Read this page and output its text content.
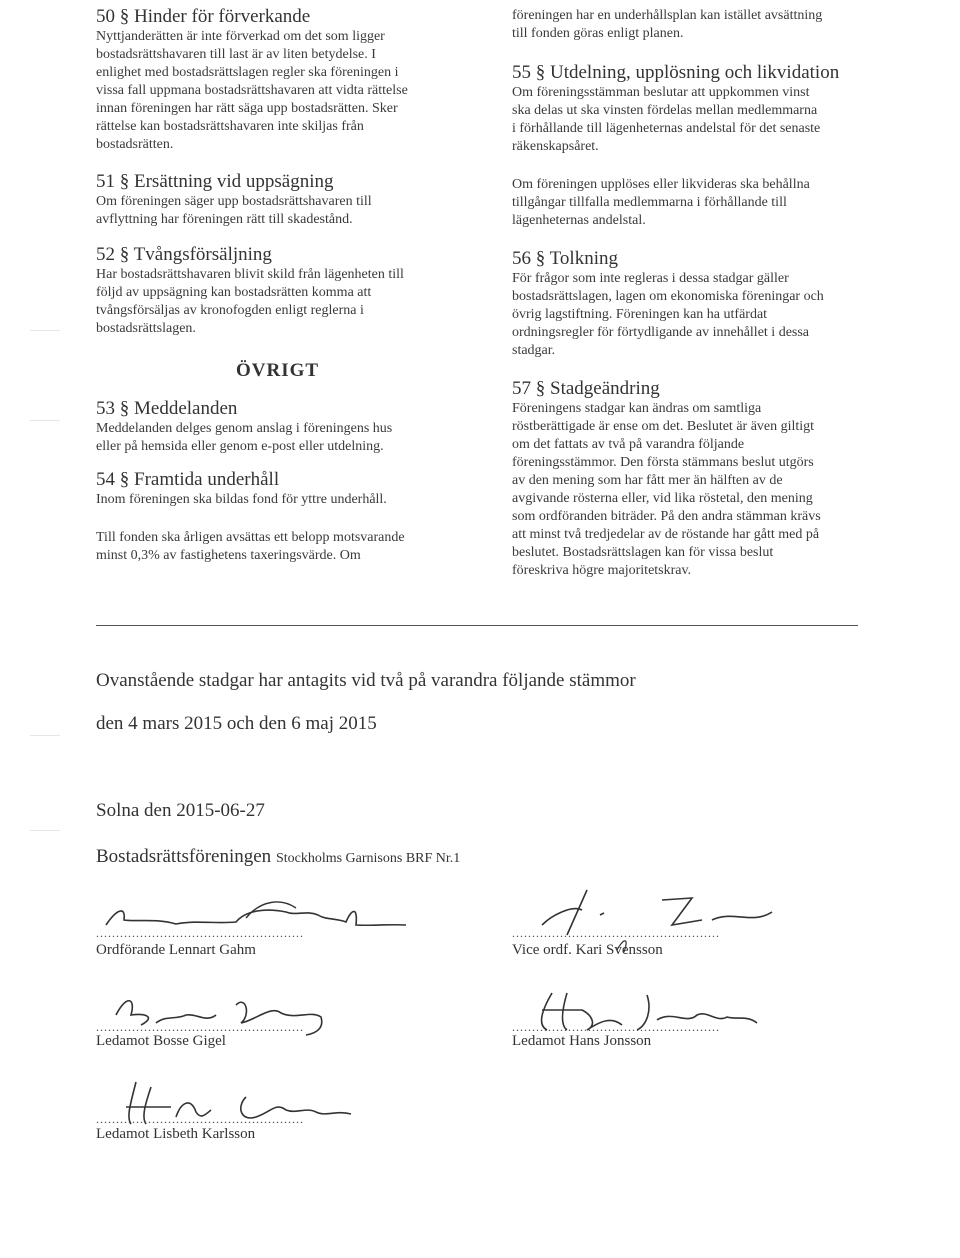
50 § Hinder för förverkande

Nyttjanderätten är inte förverkad om det som ligger
bostadsrättshavaren till last är av liten betydelse. I
enlighet med bostadsrättslagen regler ska föreningen i
vissa fall uppmana bostadsrättshavaren att vidta rättelse
innan föreningen har rätt säga upp bostadsrätten. Sker
rättelse kan bostadsrättshavaren inte skiljas från
bostadsrätten.

51 § Ersättning vid uppsägning

Om föreningen säger upp bostadsrättshavaren till
avflyttning har föreningen rätt till skadestånd.

52 § Tvångsförsäljning

Har bostadsrättshavaren blivit skild från lägenheten till
följd av uppsägning kan bostadsrätten komma att
tvångsförsäljas av kronofogden enligt reglerna i
bostadsrättslagen.

ÖVRIGT
53 § Meddelanden

Meddelanden delges genom anslag i föreningens hus
eller på hemsida eller genom e-post eller utdelning.

54 § Framtida underhåll

Inom föreningen ska bildas fond för yttre underhåll.

Till fonden ska årligen avsättas ett belopp motsvarande
minst 0,3% av fastighetens taxeringsvärde. Om

föreningen har en underhållsplan kan istället avsättning
till fonden göras enligt planen.

55 § Utdelning, upplösning och likvidation

Om föreningsstämman beslutar att uppkommen vinst
ska delas ut ska vinsten fördelas mellan medlemmarna
i förhållande till lägenheternas andelstal för det senaste
räkenskapsåret.

Om föreningen upplöses eller likvideras ska behållna
tillgångar tillfalla medlemmarna i förhållande till
lägenheternas andelstal.

56 § Tolkning

För frågor som inte regleras i dessa stadgar gäller
bostadsrättslagen, lagen om ekonomiska föreningar och
övrig lagstiftning. Föreningen kan ha utfärdat
ordningsregler för förtydligande av innehållet i dessa
stadgar.

57 § Stadgeändring

Föreningens stadgar kan ändras om samtliga
röstberättigade är ense om det. Beslutet är även giltigt
om det fattats av två på varandra följande
föreningsstämmor. Den första stämmans beslut utgörs
av den mening som har fått mer än hälften av de
avgivande rösterna eller, vid lika röstetal, den mening
som ordföranden biträder. På den andra stämman krävs
att minst två tredjedelar av de röstande har gått med på
beslutet. Bostadsrättslagen kan för vissa beslut
föreskriva högre majoritetskrav.

Ovanstående stadgar har antagits vid två på varandra följande stämmor
den 4 mars 2015 och den 6 maj 2015
Solna den 2015-06-27
Bostadsrättsföreningen Stockholms Garnisons BRF Nr.1
....................................................
Ordförande Lennart Gahm
....................................................
Vice ordf. Kari Svensson
....................................................
Ledamot Bosse Gigel
....................................................
Ledamot Hans Jonsson
....................................................
Ledamot Lisbeth Karlsson
